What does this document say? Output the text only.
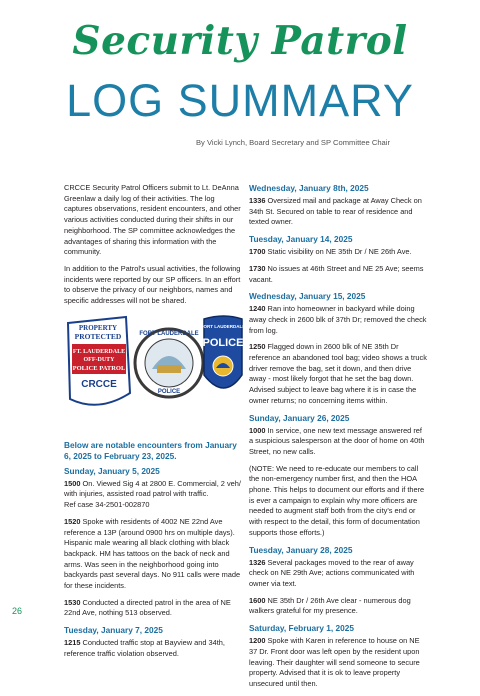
Security Patrol
LOG SUMMARY
By Vicki Lynch, Board Secretary and SP Committee Chair

CRCCE Security Patrol Officers submit to Lt. DeAnna Greenlaw a daily log of their activities. The log captures observations, resident encounters, and other various activities conducted during their shifts in our neighborhood. The SP committee acknowledges the advantages of sharing this information with the community.

In addition to the Patrol's usual activities, the following incidents were reported by our SP officers. In an effort to observe the privacy of our neighbors, names and specific addresses will not be shared.

PROPERTY
PROTECTED
FT. LAUDERDALE
OFF-DUTY
POLICE PATROL
CRCCE
FORT LAUDERDALE
POLICE
FORT LAUDERDALE
POLICE
Below are notable encounters from January 6, 2025 to February 23, 2025.
Sunday, January 5, 2025

1500 On. Viewed Sig 4 at 2800 E. Commercial, 2 veh/ with injuries, assisted road patrol with traffic.

Ref case 34-2501-002870

1520 Spoke with residents of 4002 NE 22nd Ave reference a 13P (around 0900 hrs on multiple days). Hispanic male wearing all black clothing with black backpack. HM has tattoos on the back of neck and arms. Was seen in the neighborhood going into backyards past several days. No 911 calls were made for these incidents.

1530 Conducted a directed patrol in the area of NE 22nd Ave, nothing 513 observed.

Tuesday, January 7, 2025

1215 Conducted traffic stop at Bayview and 34th, reference traffic violation observed.

Wednesday, January 8th, 2025

1336 Oversized mail and package at Away Check on 34th St. Secured on table to rear of residence and texted owner.

Tuesday, January 14, 2025

1700 Static visibility on NE 35th Dr / NE 26th Ave.

1730 No issues at 46th Street and NE 25 Ave; seems vacant.

Wednesday, January 15, 2025

1240 Ran into homeowner in backyard while doing away check in 2600 blk of 37th Dr; removed the check from log.

1250 Flagged down in 2600 blk of NE 35th Dr reference an abandoned tool bag; video shows a truck driver remove the bag, set it down, and then drive away - most likely forgot that he set the bag down. Advised subject to leave bag where it is in case the owner returns; no concerning items within.

Sunday, January 26, 2025

1000 In service, one new text message answered ref a suspicious salesperson at the door of home on 40th Street, no new calls.

(NOTE: We need to re-educate our members to call the non-emergency number first, and then the HOA phone. This helps to document our efforts and if there is ever a campaign to explain why more officers are needed to augment staff both from the city's end or with respect to the detail, this form of documentation supports those efforts.)

Tuesday, January 28, 2025

1326 Several packages moved to the rear of away check on NE 29th Ave; actions communicated with owner via text.

1600 NE 35th Dr / 26th Ave clear - numerous dog walkers grateful for my presence.

Saturday, February 1, 2025

1200 Spoke with Karen in reference to house on NE 37 Dr. Front door was left open by the resident upon leaving. Their daughter will send someone to secure property. Advised that it is ok to leave property unsecured until then.

26
